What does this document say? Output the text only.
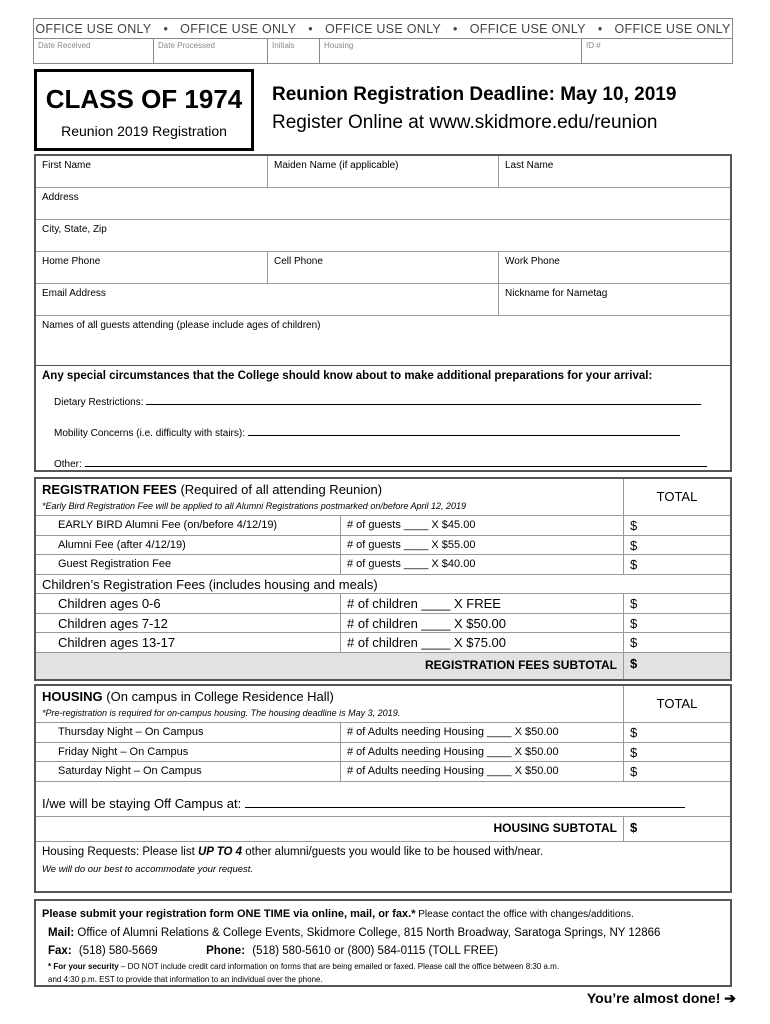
OFFICE USE ONLY • OFFICE USE ONLY • OFFICE USE ONLY • OFFICE USE ONLY • OFFICE USE ONLY
Date Received	Date Processed	Initials	Housing	ID #
CLASS OF 1974
Reunion 2019 Registration
Reunion Registration Deadline: May 10, 2019
Register Online at www.skidmore.edu/reunion
First Name	Maiden Name (if applicable)	Last Name
Address
City, State, Zip
Home Phone	Cell Phone	Work Phone
Email Address	Nickname for Nametag
Names of all guests attending (please include ages of children)
Any special circumstances that the College should know about to make additional preparations for your arrival:
Dietary Restrictions:
Mobility Concerns (i.e. difficulty with stairs):
Other:
REGISTRATION FEES (Required of all attending Reunion)
*Early Bird Registration Fee will be applied to all Alumni Registrations postmarked on/before April 12, 2019
TOTAL
EARLY BIRD Alumni Fee (on/before 4/12/19)	# of guests ____ X $45.00	$
Alumni Fee (after 4/12/19)	# of guests ____ X $55.00	$
Guest Registration Fee	# of guests ____ X $40.00	$
Children’s Registration Fees (includes housing and meals)
Children ages 0-6	# of children ____ X FREE	$
Children ages 7-12	# of children ____ X $50.00	$
Children ages 13-17	# of children ____ X $75.00	$
REGISTRATION FEES SUBTOTAL	$
HOUSING (On campus in College Residence Hall)
*Pre-registration is required for on-campus housing. The housing deadline is May 3, 2019.
TOTAL
Thursday Night – On Campus	# of Adults needing Housing ____ X $50.00	$
Friday Night – On Campus	# of Adults needing Housing ____ X $50.00	$
Saturday Night – On Campus	# of Adults needing Housing ____ X $50.00	$
I/we will be staying Off Campus at:
HOUSING SUBTOTAL	$
Housing Requests: Please list UP TO 4 other alumni/guests you would like to be housed with/near.
We will do our best to accommodate your request.
Please submit your registration form ONE TIME via online, mail, or fax.* Please contact the office with changes/additions.
Mail: Office of Alumni Relations & College Events, Skidmore College, 815 North Broadway, Saratoga Springs, NY 12866
Fax: (518) 580-5669	Phone: (518) 580-5610 or (800) 584-0115 (TOLL FREE)
* For your security – DO NOT include credit card information on forms that are being emailed or faxed. Please call the office between 8:30 a.m.
and 4:30 p.m. EST to provide that information to an individual over the phone.
You’re almost done! ➔
